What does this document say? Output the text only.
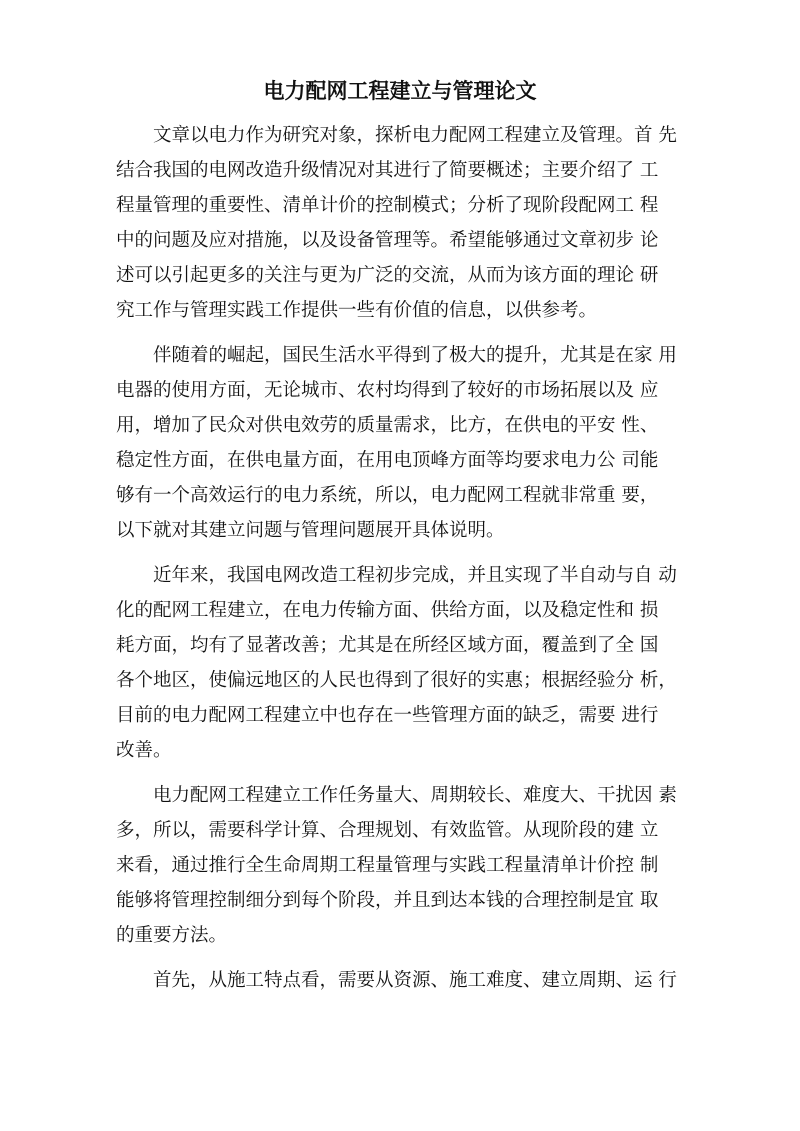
电力配网工程建立与管理论文

文章以电力作为研究对象，探析电力配网工程建立及管理。首 先
结合我国的电网改造升级情况对其进行了简要概述；主要介绍了 工
程量管理的重要性、清单计价的控制模式；分析了现阶段配网工 程
中的问题及应对措施，以及设备管理等。希望能够通过文章初步 论
述可以引起更多的关注与更为广泛的交流，从而为该方面的理论 研
究工作与管理实践工作提供一些有价值的信息，以供参考。

伴随着的崛起，国民生活水平得到了极大的提升，尤其是在家 用
电器的使用方面，无论城市、农村均得到了较好的市场拓展以及 应
用，增加了民众对供电效劳的质量需求，比方，在供电的平安 性、
稳定性方面，在供电量方面，在用电顶峰方面等均要求电力公 司能
够有一个高效运行的电力系统，所以，电力配网工程就非常重 要，
以下就对其建立问题与管理问题展开具体说明。

近年来，我国电网改造工程初步完成，并且实现了半自动与自 动
化的配网工程建立，在电力传输方面、供给方面，以及稳定性和 损
耗方面，均有了显著改善；尤其是在所经区域方面，覆盖到了全 国
各个地区，使偏远地区的人民也得到了很好的实惠；根据经验分 析，
目前的电力配网工程建立中也存在一些管理方面的缺乏，需要 进行
改善。

电力配网工程建立工作任务量大、周期较长、难度大、干扰因 素
多，所以，需要科学计算、合理规划、有效监管。从现阶段的建 立
来看，通过推行全生命周期工程量管理与实践工程量清单计价控 制
能够将管理控制细分到每个阶段，并且到达本钱的合理控制是宜 取
的重要方法。

首先，从施工特点看，需要从资源、施工难度、建立周期、运 行
